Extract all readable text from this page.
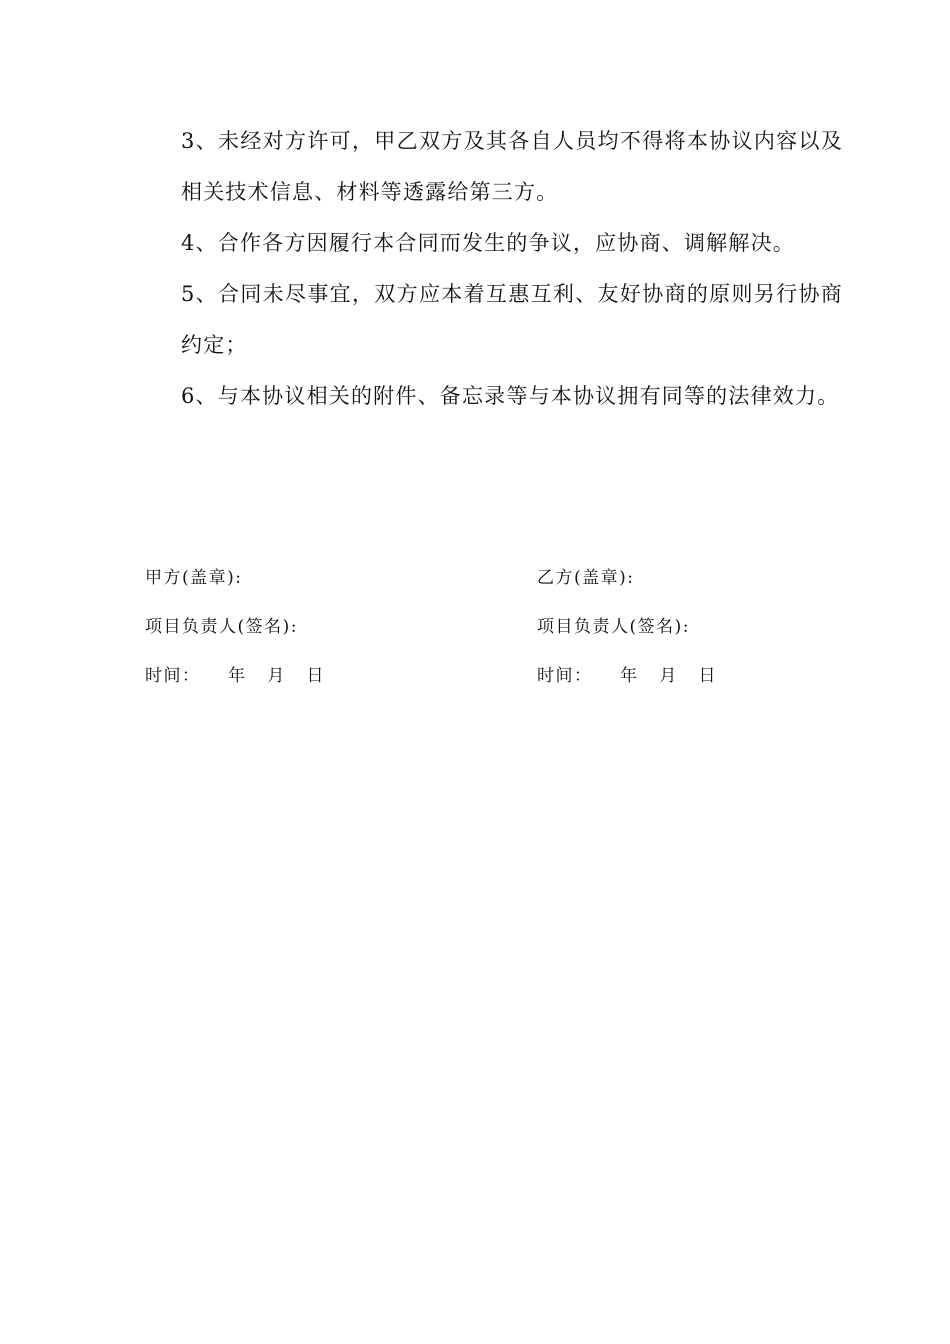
3、未经对方许可，甲乙双方及其各自人员均不得将本协议内容以及相关技术信息、材料等透露给第三方。

4、合作各方因履行本合同而发生的争议，应协商、调解解决。

5、合同未尽事宜，双方应本着互惠互利、友好协商的原则另行协商约定；

6、与本协议相关的附件、备忘录等与本协议拥有同等的法律效力。

甲方(盖章):
项目负责人(签名):
时间：    年   月   日
乙方(盖章):
项目负责人(签名):
时间：    年   月   日
